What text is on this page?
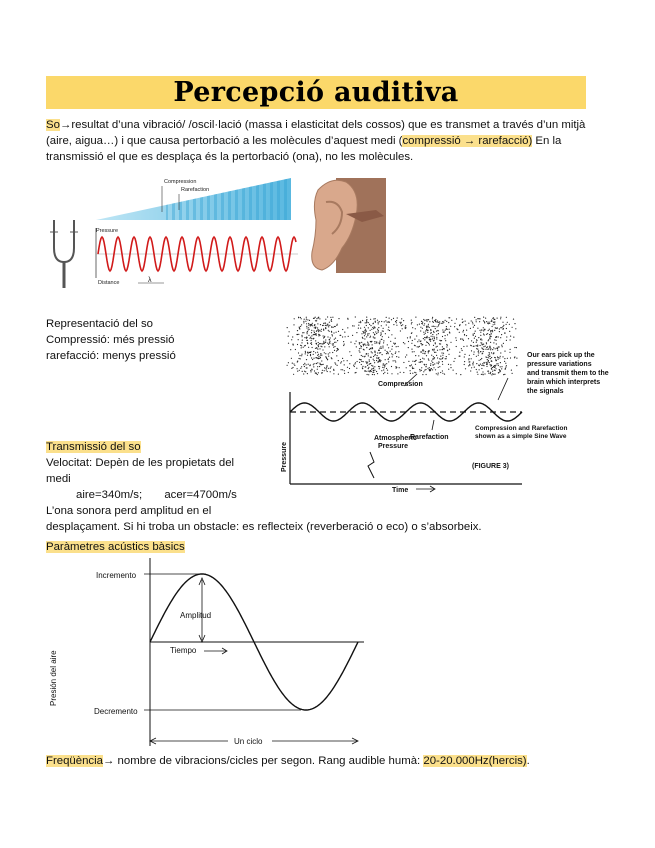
Percepció auditiva
So→resultat d’una vibració/ /oscil·lació (massa i elasticitat dels cossos) que es transmet a través d’un mitjà (aire, aigua…) i que causa pertorbació a les molècules d’aquest medi (compressió → rarefacció) En la transmissió el que es desplaça és la pertorbació (ona), no les molècules.
Compression
Rarefaction
Pressure
Distance	λ
Representació del so
Compressió: més pressió
rarefacció: menys pressió
Pressure
Atmospheric
Pressure
Compression
Rarefaction
Compression and Rarefaction
shown as a simple Sine Wave
(FIGURE 3)
Time
Our ears pick up the
pressure variations
and transmit them to the
brain which interprets
the signals
Transmissió del so
Velocitat: Depèn de les propietats del
medi
aire=340m/s;       acer=4700m/s
L’ona sonora perd amplitud en el
desplaçament. Si hi troba un obstacle: es reflecteix (reverberació o eco) o s’absorbeix.
Paràmetres acústics bàsics
Incremento
Decremento
Amplitud
Tiempo
Un ciclo
Presión del aire
Freqüència→ nombre de vibracions/cicles per segon. Rang audible humà: 20-20.000Hz(hercis).
